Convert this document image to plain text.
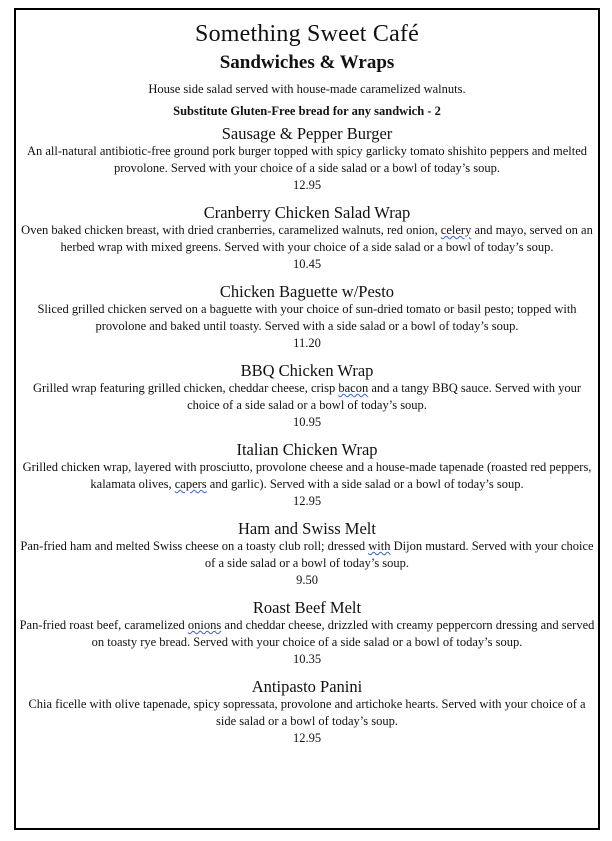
Something Sweet Café
Sandwiches & Wraps

House side salad served with house-made caramelized walnuts.

Substitute Gluten-Free bread for any sandwich - 2

Sausage & Pepper Burger

An all-natural antibiotic-free ground pork burger topped with spicy garlicky tomato shishito peppers and melted provolone. Served with your choice of a side salad or a bowl of today’s soup.

12.95

Cranberry Chicken Salad Wrap

Oven baked chicken breast, with dried cranberries, caramelized walnuts, red onion, celery and mayo, served on an herbed wrap with mixed greens. Served with your choice of a side salad or a bowl of today’s soup.

10.45

Chicken Baguette w/Pesto

Sliced grilled chicken served on a baguette with your choice of sun-dried tomato or basil pesto; topped with provolone and baked until toasty. Served with a side salad or a bowl of today’s soup.

11.20

BBQ Chicken Wrap

Grilled wrap featuring grilled chicken, cheddar cheese, crisp bacon and a tangy BBQ sauce. Served with your choice of a side salad or a bowl of today’s soup.

10.95

Italian Chicken Wrap

Grilled chicken wrap, layered with prosciutto, provolone cheese and a house-made tapenade (roasted red peppers, kalamata olives, capers and garlic). Served with a side salad or a bowl of today’s soup.

12.95

Ham and Swiss Melt

Pan-fried ham and melted Swiss cheese on a toasty club roll; dressed with Dijon mustard. Served with your choice of a side salad or a bowl of today’s soup.

9.50

Roast Beef Melt

Pan-fried roast beef, caramelized onions and cheddar cheese, drizzled with creamy peppercorn dressing and served on toasty rye bread. Served with your choice of a side salad or a bowl of today’s soup.

10.35

Antipasto Panini

Chia ficelle with olive tapenade, spicy sopressata, provolone and artichoke hearts. Served with your choice of a side salad or a bowl of today’s soup.

12.95
